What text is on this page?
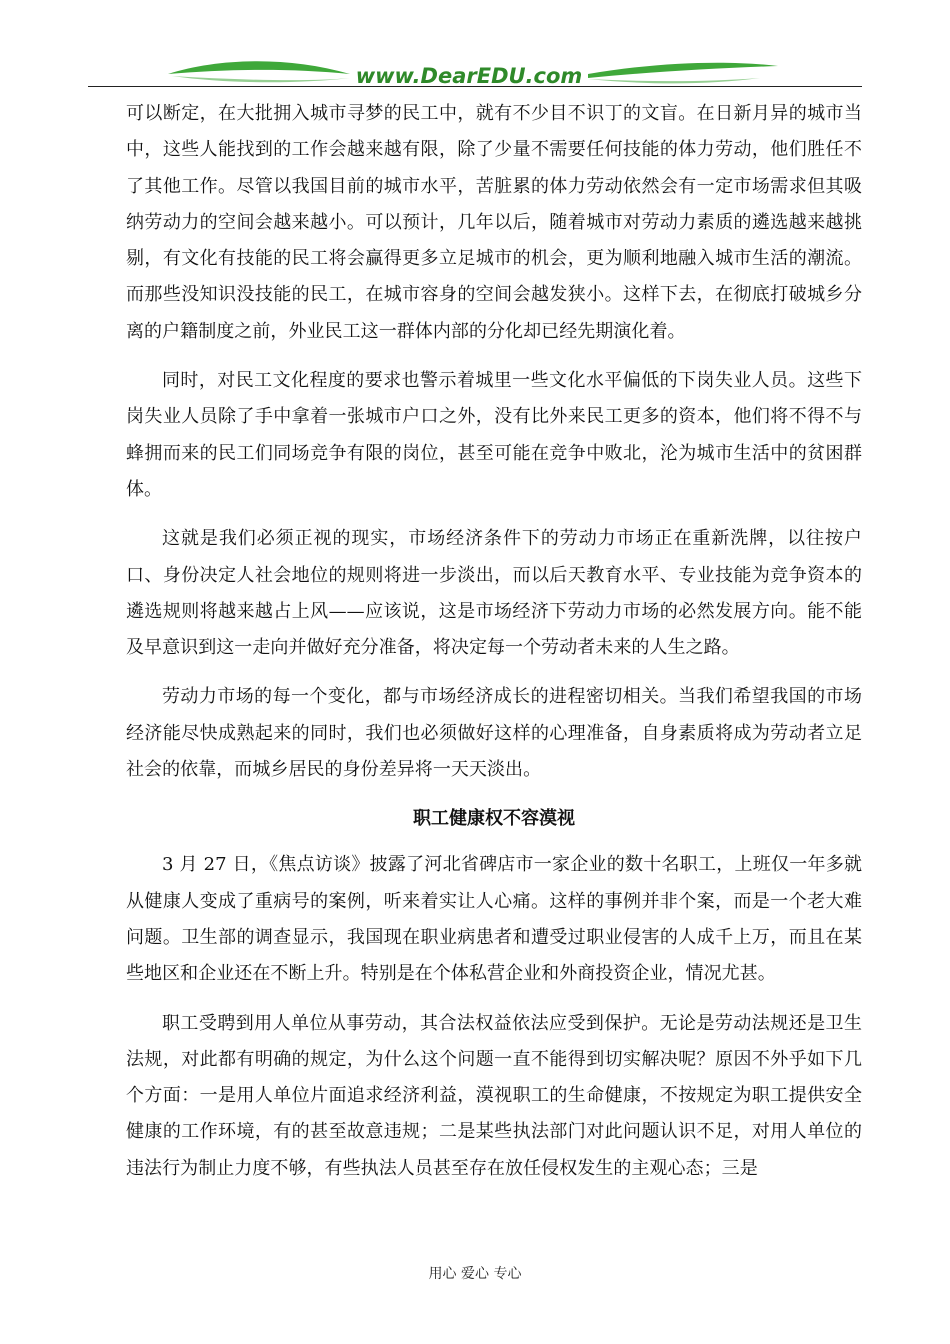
www.DearEDU.com

可以断定，在大批拥入城市寻梦的民工中，就有不少目不识丁的文盲。在日新月异的城市当中，这些人能找到的工作会越来越有限，除了少量不需要任何技能的体力劳动，他们胜任不了其他工作。尽管以我国目前的城市水平，苦脏累的体力劳动依然会有一定市场需求但其吸纳劳动力的空间会越来越小。可以预计，几年以后，随着城市对劳动力素质的遴选越来越挑剔，有文化有技能的民工将会赢得更多立足城市的机会，更为顺利地融入城市生活的潮流。而那些没知识没技能的民工，在城市容身的空间会越发狭小。这样下去，在彻底打破城乡分离的户籍制度之前，外业民工这一群体内部的分化却已经先期演化着。

同时，对民工文化程度的要求也警示着城里一些文化水平偏低的下岗失业人员。这些下岗失业人员除了手中拿着一张城市户口之外，没有比外来民工更多的资本，他们将不得不与蜂拥而来的民工们同场竞争有限的岗位，甚至可能在竞争中败北，沦为城市生活中的贫困群体。

这就是我们必须正视的现实，市场经济条件下的劳动力市场正在重新洗牌，以往按户口、身份决定人社会地位的规则将进一步淡出，而以后天教育水平、专业技能为竞争资本的遴选规则将越来越占上风——应该说，这是市场经济下劳动力市场的必然发展方向。能不能及早意识到这一走向并做好充分准备，将决定每一个劳动者未来的人生之路。

劳动力市场的每一个变化，都与市场经济成长的进程密切相关。当我们希望我国的市场经济能尽快成熟起来的同时，我们也必须做好这样的心理准备，自身素质将成为劳动者立足社会的依靠，而城乡居民的身份差异将一天天淡出。

职工健康权不容漠视

3 月 27 日，《焦点访谈》披露了河北省碑店市一家企业的数十名职工，上班仅一年多就从健康人变成了重病号的案例，听来着实让人心痛。这样的事例并非个案，而是一个老大难问题。卫生部的调查显示，我国现在职业病患者和遭受过职业侵害的人成千上万，而且在某些地区和企业还在不断上升。特别是在个体私营企业和外商投资企业，情况尤甚。

职工受聘到用人单位从事劳动，其合法权益依法应受到保护。无论是劳动法规还是卫生法规，对此都有明确的规定，为什么这个问题一直不能得到切实解决呢？原因不外乎如下几个方面：一是用人单位片面追求经济利益，漠视职工的生命健康，不按规定为职工提供安全健康的工作环境，有的甚至故意违规；二是某些执法部门对此问题认识不足，对用人单位的违法行为制止力度不够，有些执法人员甚至存在放任侵权发生的主观心态；三是

用心 爱心 专心
